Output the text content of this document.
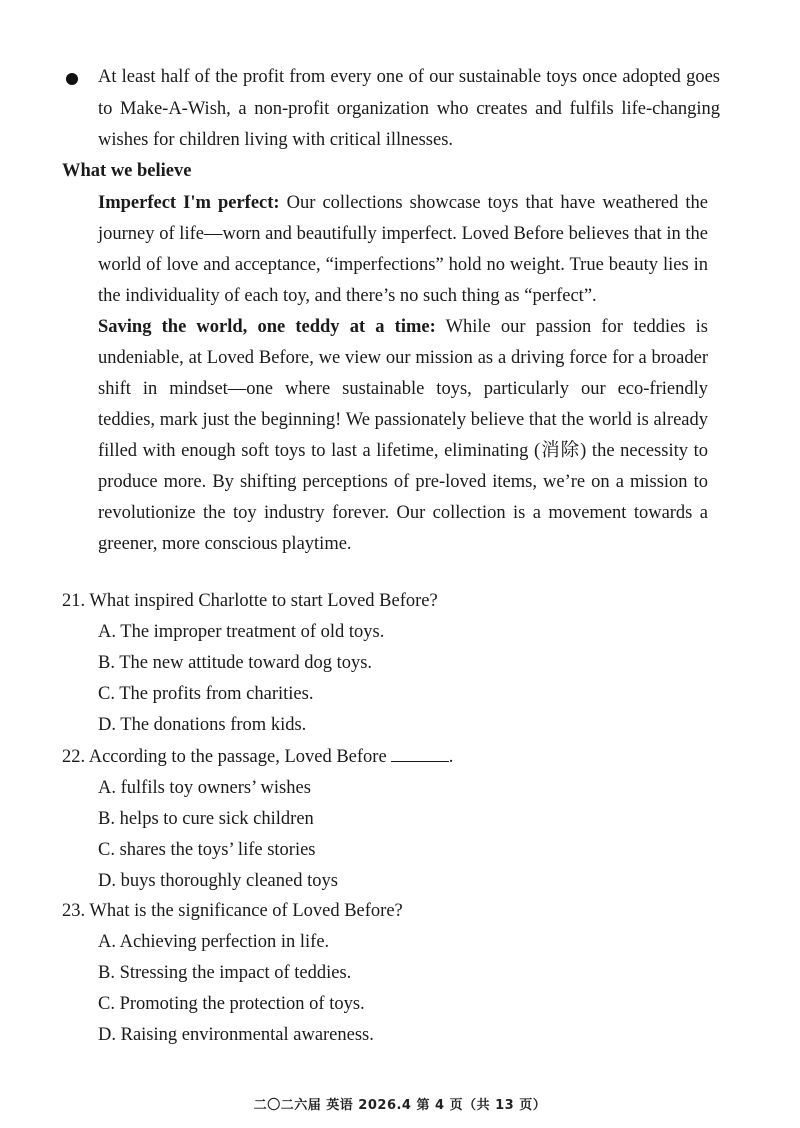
At least half of the profit from every one of our sustainable toys once adopted goes to Make-A-Wish, a non-profit organization who creates and fulfils life-changing wishes for children living with critical illnesses.
What we believe

Imperfect I'm perfect: Our collections showcase toys that have weathered the journey of life—worn and beautifully imperfect. Loved Before believes that in the world of love and acceptance, “imperfections” hold no weight. True beauty lies in the individuality of each toy, and there’s no such thing as “perfect”.

Saving the world, one teddy at a time: While our passion for teddies is undeniable, at Loved Before, we view our mission as a driving force for a broader shift in mindset—one where sustainable toys, particularly our eco-friendly teddies, mark just the beginning! We passionately believe that the world is already filled with enough soft toys to last a lifetime, eliminating (消除) the necessity to produce more. By shifting perceptions of pre-loved items, we’re on a mission to revolutionize the toy industry forever. Our collection is a movement towards a greener, more conscious playtime.

21. What inspired Charlotte to start Loved Before?
A. The improper treatment of old toys.
B. The new attitude toward dog toys.
C. The profits from charities.
D. The donations from kids.
22. According to the passage, Loved Before	.
A. fulfils toy owners’ wishes
B. helps to cure sick children
C. shares the toys’ life stories
D. buys thoroughly cleaned toys
23. What is the significance of Loved Before?
A. Achieving perfection in life.
B. Stressing the impact of teddies.
C. Promoting the protection of toys.
D. Raising environmental awareness.
二〇二六届 英语 2026.4 第 4 页（共 13 页）
